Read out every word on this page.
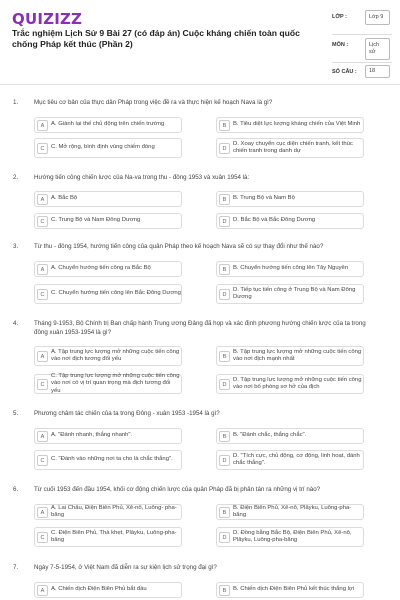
QUIZIZZ
Trắc nghiệm Lịch Sử 9 Bài 27 (có đáp án) Cuộc kháng chiến toàn quốc chống Pháp kết thúc (Phần 2)
LỚP :	Lớp 9
MÔN :	Lịch sử
SỐ CÂU :	18
1.	Mục tiêu cơ bản của thực dân Pháp trong việc đề ra và thực hiện kế hoạch Nava là gì?
A	A. Giành lại thế chủ động trên chiến trường	B	B. Tiêu diệt lực lượng kháng chiến của Việt Minh
C	C. Mở rộng, bình định vùng chiếm đóng	D
D. Xoay chuyển cục diện chiến tranh, kết thúc chiến tranh trong danh dự
2.	Hướng tiến công chiến lược của Na-va trong thu - đông 1953 và xuân 1954 là:
A	A. Bắc Bộ	B	B. Trung Bộ và Nam Bộ
C	C. Trung Bộ và Nam Đông Dương	D	D. Bắc Bộ và Bắc Đông Dương
3.	Từ thu - đông 1954, hướng tiến công của quân Pháp theo kế hoạch Nava sẽ có sự thay đổi như thế nào?
A	A. Chuyển hướng tiến công ra Bắc Bộ	B	B. Chuyển hướng tiến công lên Tây Nguyên
C	C. Chuyển hướng tiến công lên Bắc Đông Dương	D
D. Tiếp tục tiến công ở Trung Bộ và Nam Đông Dương
4.	Tháng 9-1953, Bộ Chính trị Ban chấp hành Trung ương Đảng đã họp và xác định phương hướng chiến lược của ta trong đông xuân 1953-1954 là gì?
A
A. Tập trung lực lượng mở những cuộc tiến công vào nơi địch tương đối yếu	B
B. Tập trung lực lượng mở những cuộc tiến công vào nơi địch mạnh nhất
C
C. Tập trung lực lượng mở những cuộc tiến công vào nơi có vị trí quan trọng mà địch tương đối yếu
D
D. Tập trung lực lượng mở những cuộc tiến công vào nơi bố phòng sơ hở của địch
5.	Phương châm tác chiến của ta trong Đông - xuân 1953 -1954 là gì?
A	A. "Đánh nhanh, thắng nhanh".	B	B. "Đánh chắc, thắng chắc".
C	C. "Đánh vào những nơi ta cho là chắc thắng".	D
D. "Tích cực, chủ động, cơ động, linh hoạt, đánh chắc thắng".
6.	Từ cuối 1953 đến đầu 1954, khối cơ động chiến lược của quân Pháp đã bị phân tán ra những vị trí nào?
A
A. Lai Châu, Điện Biên Phủ, Xê-nô, Luông- pha-băng	B
B. Điện Biên Phủ, Xê-nô, Plâyku, Luông-pha-băng
C
C. Điện Biên Phủ, Thà khẹt, Plâyku, Luông-pha-băng	D
D. Đồng bằng Bắc Bộ, Điện Biên Phủ, Xê-nô, Plâyku, Luông-pha-băng
7.	Ngày 7-5-1954, ở Việt Nam đã diễn ra sự kiện lịch sử trọng đại gì?
A	A. Chiến dịch Điện Biên Phủ bắt đầu	B	B. Chiến dịch Điện Biên Phủ kết thúc thắng lợi
